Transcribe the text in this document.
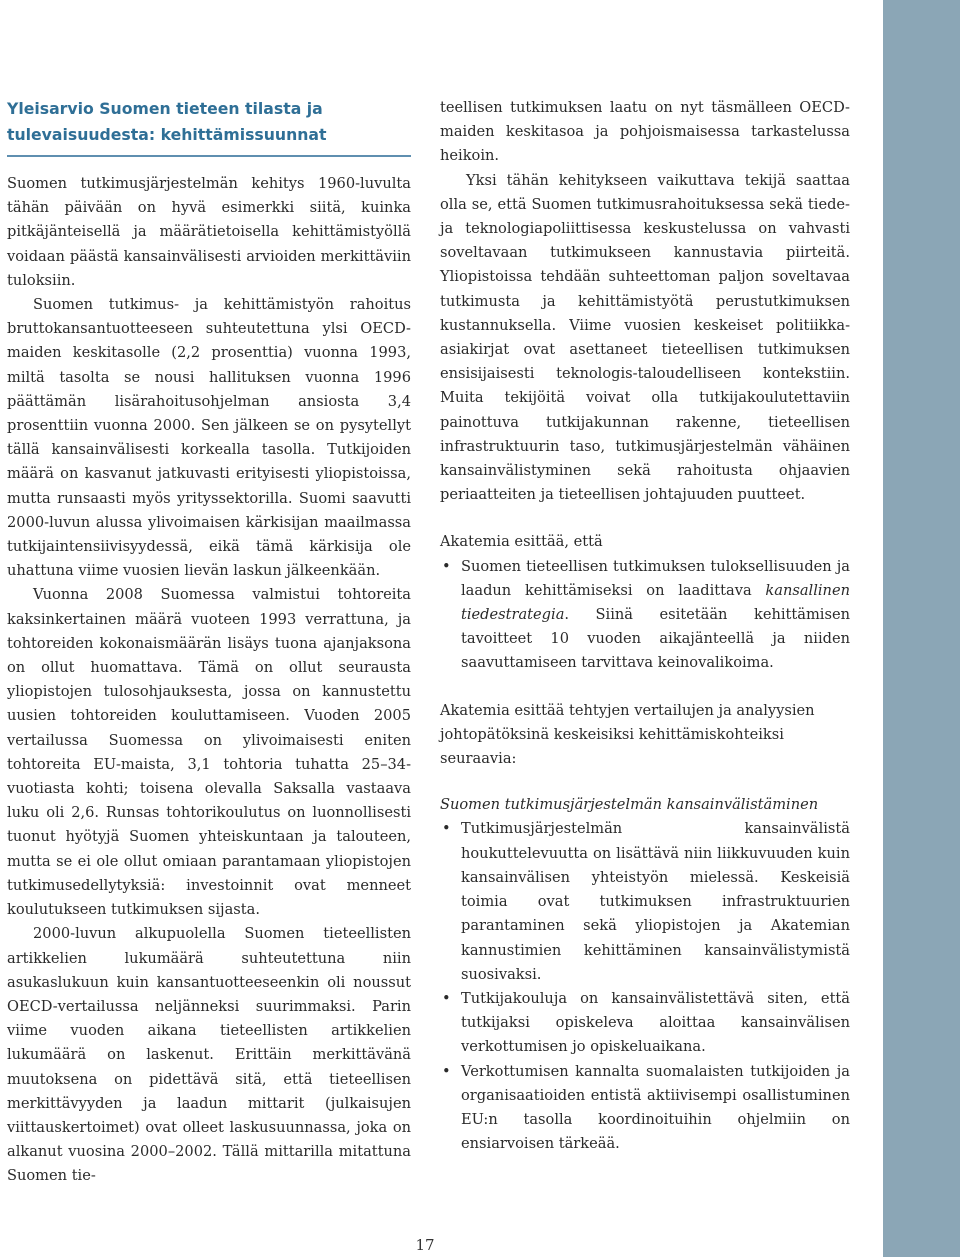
Yleisarvio Suomen tieteen tilasta ja tulevaisuudesta: kehittämissuunnat

Suomen tutkimusjärjestelmän kehitys 1960-luvulta tähän päivään on hyvä esimerkki siitä, kuinka pitkäjänteisellä ja määrätietoisella kehittämistyöllä voidaan päästä kansainvälisesti arvioiden merkittäviin tuloksiin.

Suomen tutkimus- ja kehittämistyön rahoitus bruttokansantuotteeseen suhteutettuna ylsi OECD-maiden keskitasolle (2,2 prosenttia) vuonna 1993, miltä tasolta se nousi hallituksen vuonna 1996 päättämän lisärahoitusohjelman ansiosta 3,4 prosenttiin vuonna 2000. Sen jälkeen se on pysytellyt tällä kansainvälisesti korkealla tasolla. Tutkijoiden määrä on kasvanut jatkuvasti erityisesti yliopistoissa, mutta runsaasti myös yrityssektorilla. Suomi saavutti 2000-luvun alussa ylivoimaisen kärkisijan maailmassa tutkijaintensiivisyydessä, eikä tämä kärkisija ole uhattuna viime vuosien lievän laskun jälkeenkään.

Vuonna 2008 Suomessa valmistui tohtoreita kaksinkertainen määrä vuoteen 1993 verrattuna, ja tohtoreiden kokonaismäärän lisäys tuona ajanjaksona on ollut huomattava. Tämä on ollut seurausta yliopistojen tulosohjauksesta, jossa on kannustettu uusien tohtoreiden kouluttamiseen. Vuoden 2005 vertailussa Suomessa on ylivoimaisesti eniten tohtoreita EU-maista, 3,1 tohtoria tuhatta 25–34-vuotiasta kohti; toisena olevalla Saksalla vastaava luku oli 2,6. Runsas tohtorikoulutus on luonnollisesti tuonut hyötyjä Suomen yhteiskuntaan ja talouteen, mutta se ei ole ollut omiaan parantamaan yliopistojen tutkimusedellytyksiä: investoinnit ovat menneet koulutukseen tutkimuksen sijasta.

2000-luvun alkupuolella Suomen tieteellisten artikkelien lukumäärä suhteutettuna niin asukaslukuun kuin kansantuotteeseenkin oli noussut OECD-vertailussa neljänneksi suurimmaksi. Parin viime vuoden aikana tieteellisten artikkelien lukumäärä on laskenut. Erittäin merkittävänä muutoksena on pidettävä sitä, että tieteellisen merkittävyyden ja laadun mittarit (julkaisujen viittauskertoimet) ovat olleet laskusuunnassa, joka on alkanut vuosina 2000–2002. Tällä mittarilla mitattuna Suomen tie-

teellisen tutkimuksen laatu on nyt täsmälleen OECD-maiden keskitasoa ja pohjoismaisessa tarkastelussa heikoin.

Yksi tähän kehitykseen vaikuttava tekijä saattaa olla se, että Suomen tutkimusrahoituksessa sekä tiede- ja teknologiapoliittisessa keskustelussa on vahvasti soveltavaan tutkimukseen kannustavia piirteitä. Yliopistoissa tehdään suhteettoman paljon soveltavaa tutkimusta ja kehittämistyötä perustutkimuksen kustannuksella. Viime vuosien keskeiset politiikka-asiakirjat ovat asettaneet tieteellisen tutkimuksen ensisijaisesti teknologis-taloudelliseen kontekstiin. Muita tekijöitä voivat olla tutkijakoulutettaviin painottuva tutkijakunnan rakenne, tieteellisen infrastruktuurin taso, tutkimusjärjestelmän vähäinen kansainvälistyminen sekä rahoitusta ohjaavien periaatteiten ja tieteellisen johtajuuden puutteet.

Akatemia esittää, että

• Suomen tieteellisen tutkimuksen tuloksellisuuden ja laadun kehittämiseksi on laadittava kansallinen tiedestrategia. Siinä esitetään kehittämisen tavoitteet 10 vuoden aikajänteellä ja niiden saavuttamiseen tarvittava keinovalikoima.

Akatemia esittää tehtyjen vertailujen ja analyysien johtopätöksinä keskeisiksi kehittämiskohteiksi seuraavia:

Suomen tutkimusjärjestelmän kansainvälistäminen

• Tutkimusjärjestelmän kansainvälistä houkuttelevuutta on lisättävä niin liikkuvuuden kuin kansainvälisen yhteistyön mielessä. Keskeisiä toimia ovat tutkimuksen infrastruktuurien parantaminen sekä yliopistojen ja Akatemian kannustimien kehittäminen kansainvälistymistä suosivaksi.
• Tutkijakouluja on kansainvälistettävä siten, että tutkijaksi opiskeleva aloittaa kansainvälisen verkottumisen jo opiskeluaikana.
• Verkottumisen kannalta suomalaisten tutkijoiden ja organisaatioiden entistä aktiivisempi osallistuminen EU:n tasolla koordinoituihin ohjelmiin on ensiarvoisen tärkeää.
17
